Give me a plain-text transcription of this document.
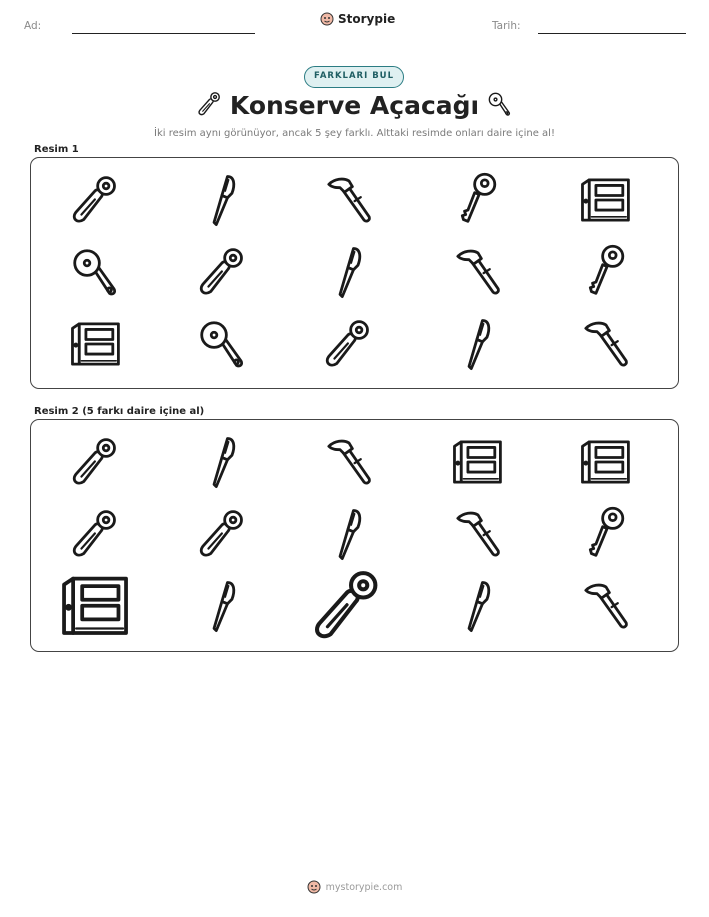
Ad:	Storypie	Tarih:
FARKLARI BUL
Konserve Açacağı
İki resim aynı görünüyor, ancak 5 şey farklı. Alttaki resimde onları daire içine al!
Resim 1
Resim 2 (5 farkı daire içine al)
mystorypie.com
